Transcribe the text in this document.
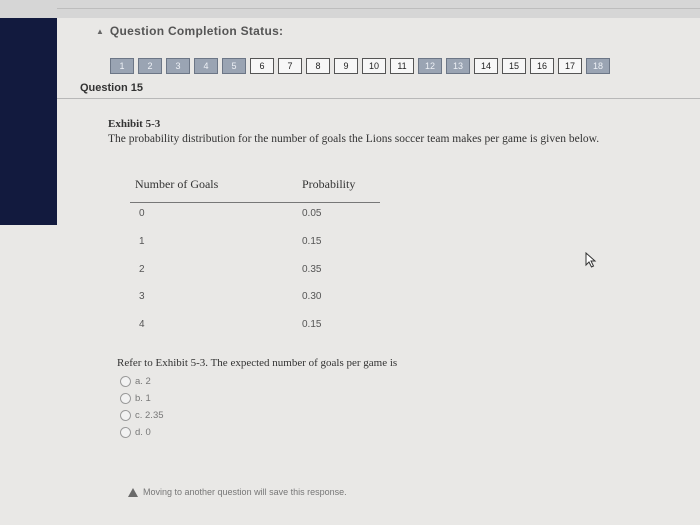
▲ Question Completion Status:
1	2	3	4	5	6	7	8	9	10	11	12	13	14	15	16	17	18
Question 15
Exhibit 5-3
The probability distribution for the number of goals the Lions soccer team makes per game is given below.
Number of Goals	Probability
0	0.05
1	0.15
2	0.35
3	0.30
4	0.15
Refer to Exhibit 5-3. The expected number of goals per game is
a. 2
b. 1
c. 2.35
d. 0
Moving to another question will save this response.
